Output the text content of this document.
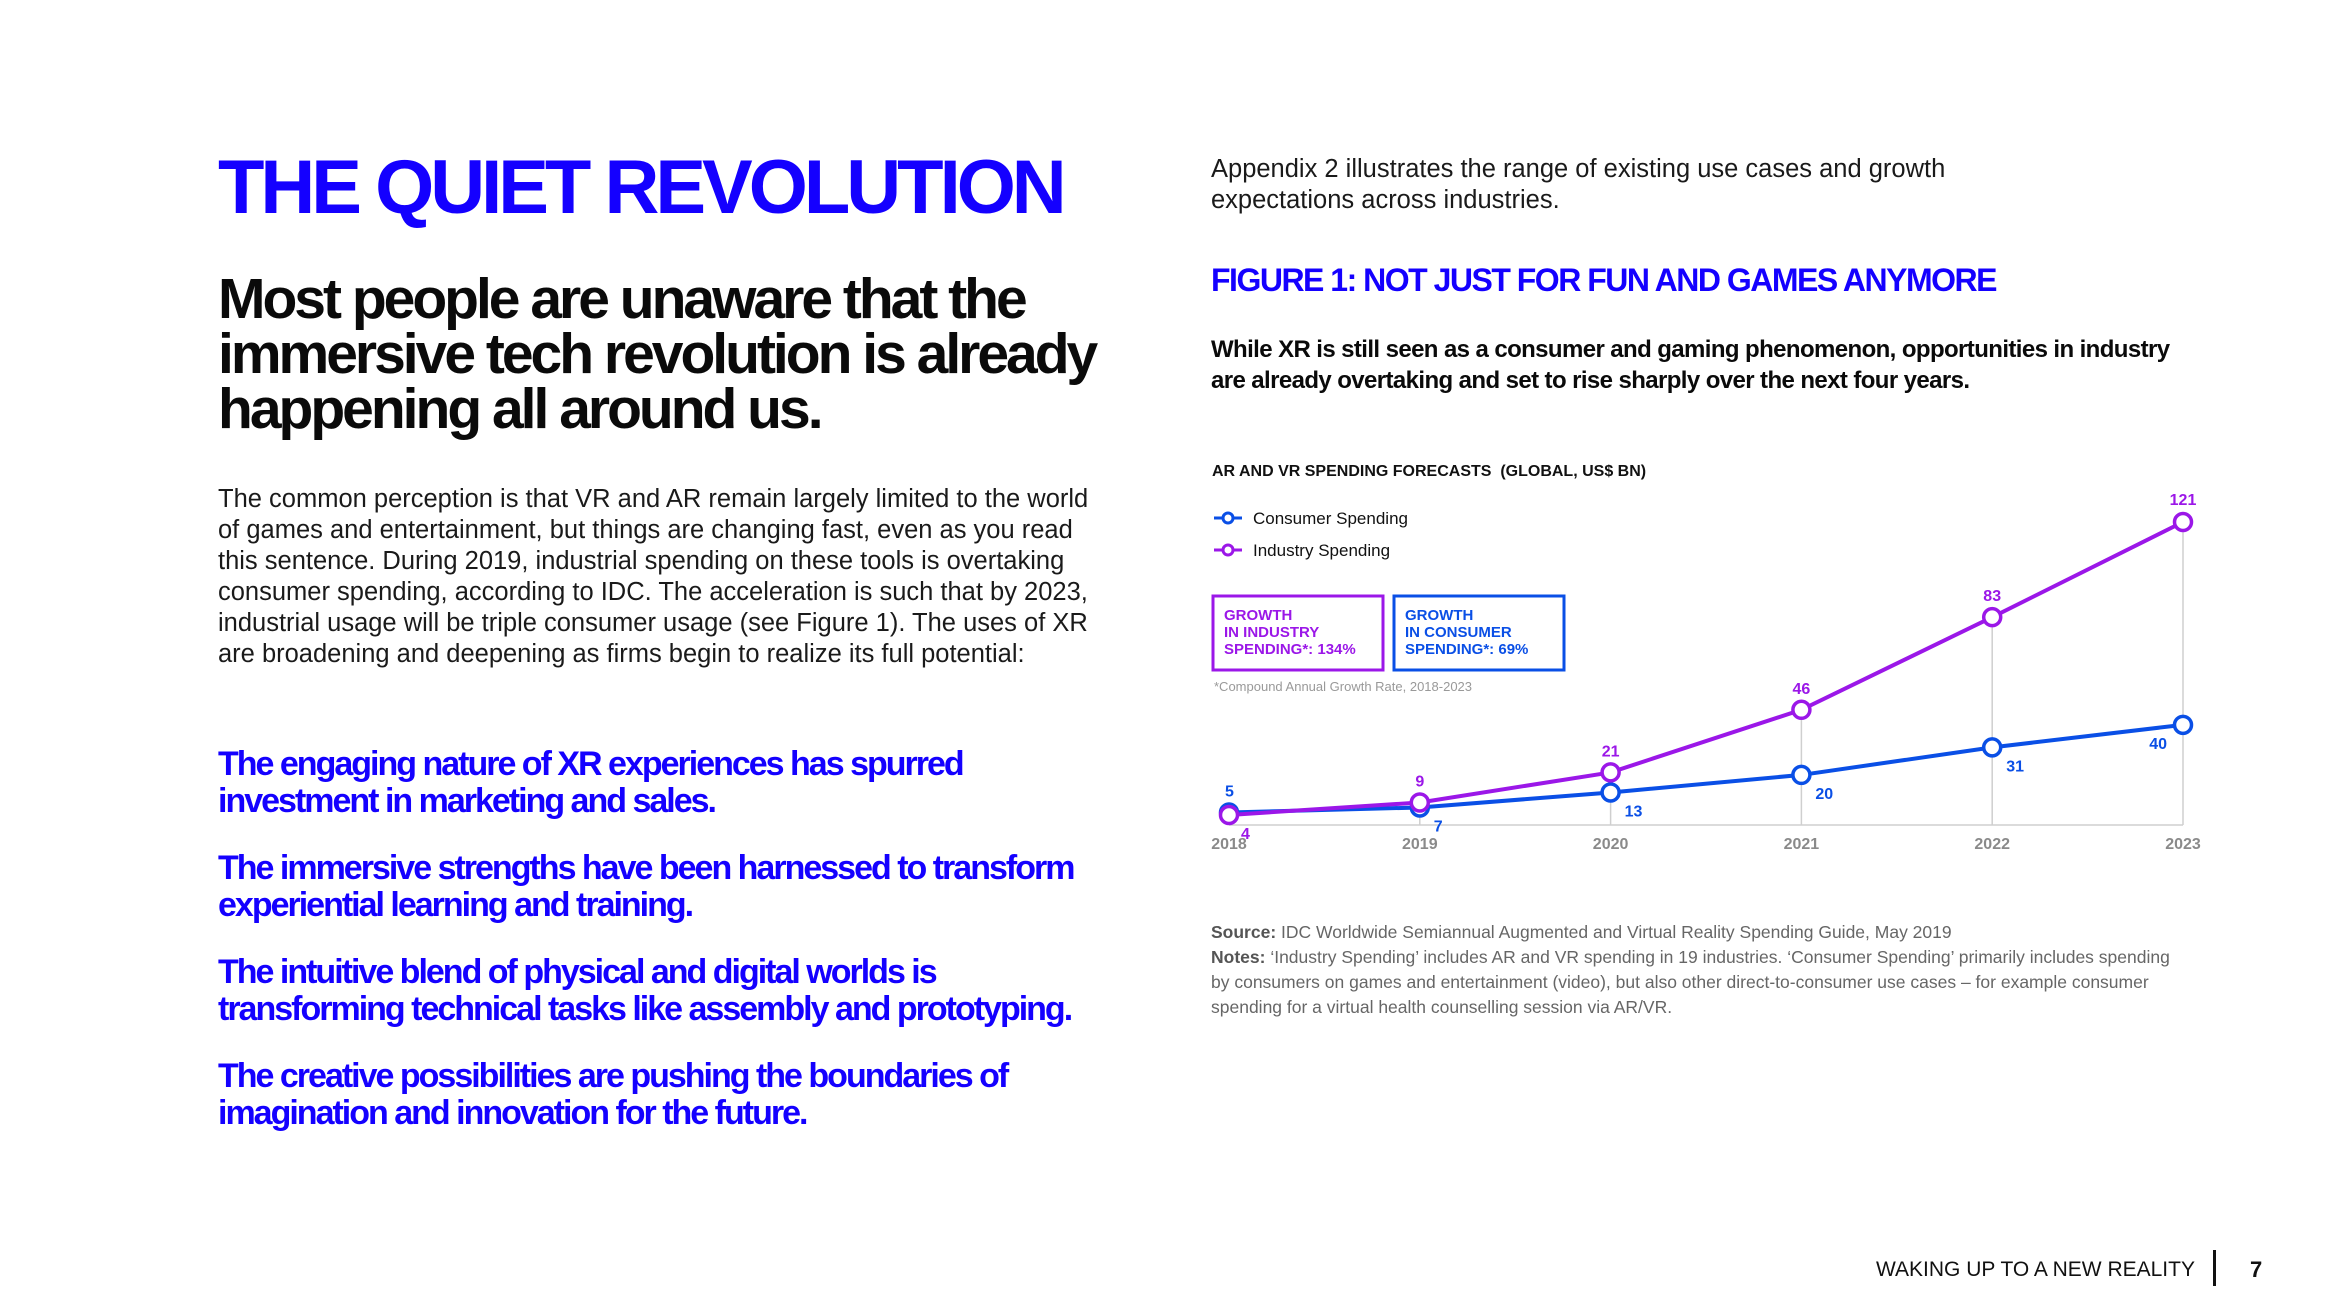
THE QUIET REVOLUTION
Most people are unaware that the immersive tech revolution is already happening all around us.
The common perception is that VR and AR remain largely limited to the world of games and entertainment, but things are changing fast, even as you read this sentence. During 2019, industrial spending on these tools is overtaking consumer spending, according to IDC. The acceleration is such that by 2023, industrial usage will be triple consumer usage (see Figure 1). The uses of XR are broadening and deepening as firms begin to realize its full potential:
The engaging nature of XR experiences has spurred investment in marketing and sales.
The immersive strengths have been harnessed to transform experiential learning and training.
The intuitive blend of physical and digital worlds is transforming technical tasks like assembly and prototyping.
The creative possibilities are pushing the boundaries of imagination and innovation for the future.
Appendix 2 illustrates the range of existing use cases and growth expectations across industries.
FIGURE 1: NOT JUST FOR FUN AND GAMES ANYMORE
While XR is still seen as a consumer and gaming phenomenon, opportunities in industry are already overtaking and set to rise sharply over the next four years.
AR AND VR SPENDING FORECASTS  (GLOBAL, US$ BN)
Consumer Spending
Industry Spending
GROWTH IN INDUSTRY SPENDING*: 134%
GROWTH IN CONSUMER SPENDING*: 69%
*Compound Annual Growth Rate, 2018-2023
2018	2019	2020	2021	2022	2023
5
7
13
20
31
40
4
9
21
46
83
121
Source: IDC Worldwide Semiannual Augmented and Virtual Reality Spending Guide, May 2019
Notes: ‘Industry Spending’ includes AR and VR spending in 19 industries. ‘Consumer Spending’ primarily includes spending by consumers on games and entertainment (video), but also other direct-to-consumer use cases – for example consumer spending for a virtual health counselling session via AR/VR.
WAKING UP TO A NEW REALITY	7
